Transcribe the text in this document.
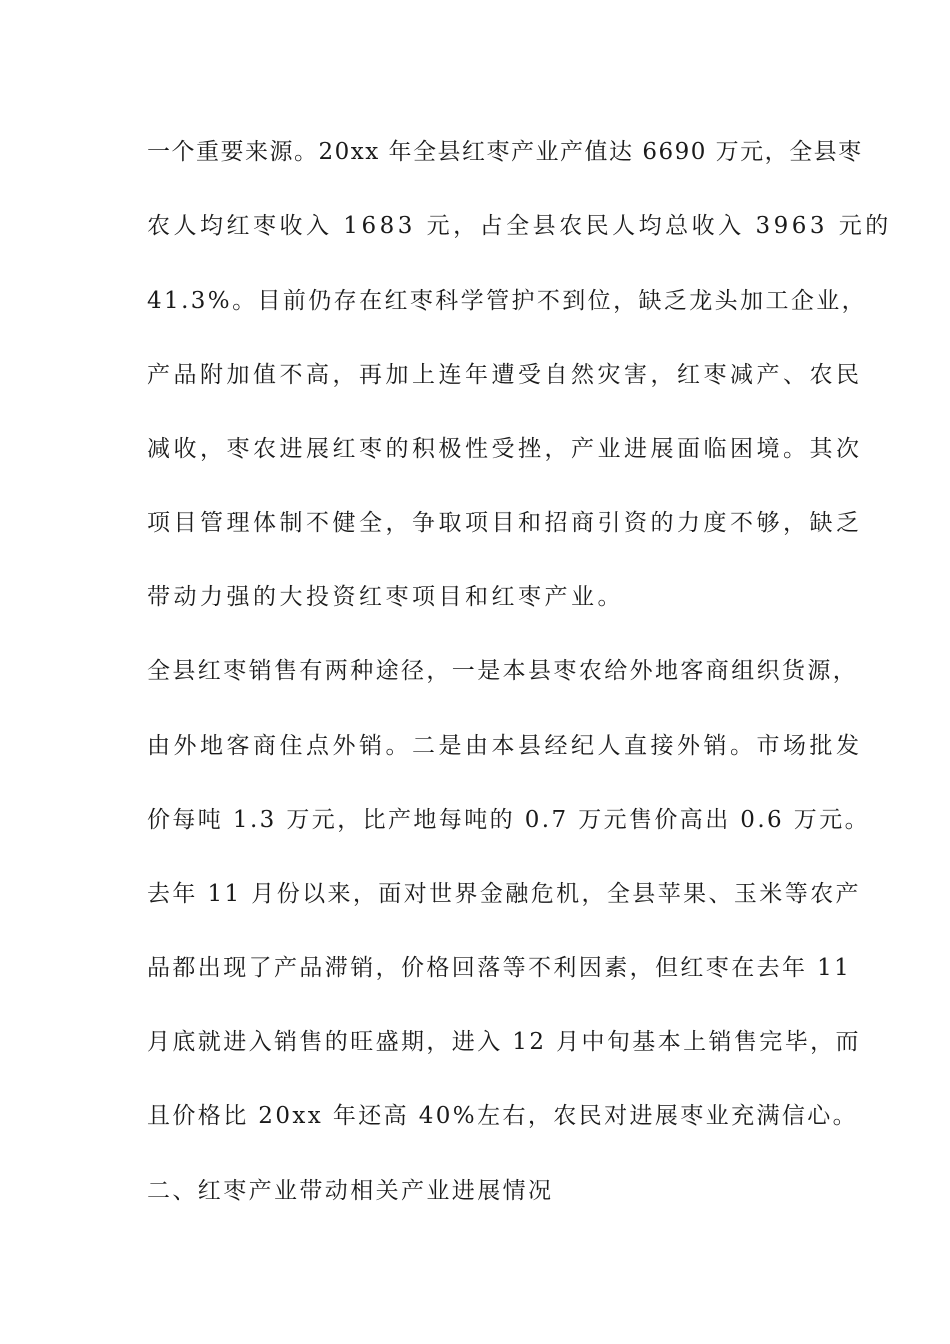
一个重要来源。20xx 年全县红枣产业产值达 6690 万元，全县枣
农人均红枣收入 1683 元，占全县农民人均总收入 3963 元的
41.3%。目前仍存在红枣科学管护不到位，缺乏龙头加工企业，
产品附加值不高，再加上连年遭受自然灾害，红枣减产、农民
减收，枣农进展红枣的积极性受挫，产业进展面临困境。其次
项目管理体制不健全，争取项目和招商引资的力度不够，缺乏
带动力强的大投资红枣项目和红枣产业。
全县红枣销售有两种途径，一是本县枣农给外地客商组织货源，
由外地客商住点外销。二是由本县经纪人直接外销。市场批发
价每吨 1.3 万元，比产地每吨的 0.7 万元售价高出 0.6 万元。
去年 11 月份以来，面对世界金融危机，全县苹果、玉米等农产
品都出现了产品滞销，价格回落等不利因素，但红枣在去年 11
月底就进入销售的旺盛期，进入 12 月中旬基本上销售完毕，而
且价格比 20xx 年还高 40%左右，农民对进展枣业充满信心。
二、红枣产业带动相关产业进展情况
